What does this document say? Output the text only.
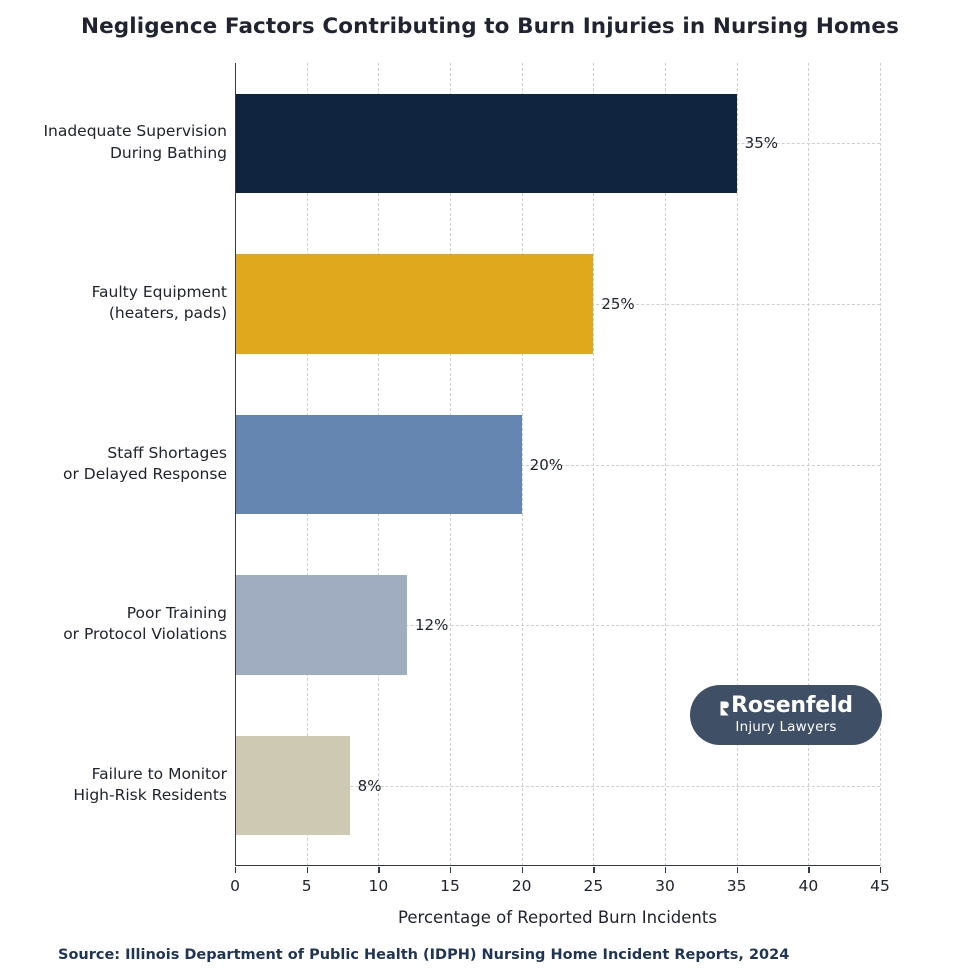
Negligence Factors Contributing to Burn Injuries in Nursing Homes
35%
25%
20%
12%
8%
0	5	10	15	20	25	30	35	40	45
Inadequate Supervision
During Bathing
Faulty Equipment
(heaters, pads)
Staff Shortages
or Delayed Response
Poor Training
or Protocol Violations
Failure to Monitor
High-Risk Residents
Percentage of Reported Burn Incidents
Source: Illinois Department of Public Health (IDPH) Nursing Home Incident Reports, 2024
Rosenfeld
Injury Lawyers
